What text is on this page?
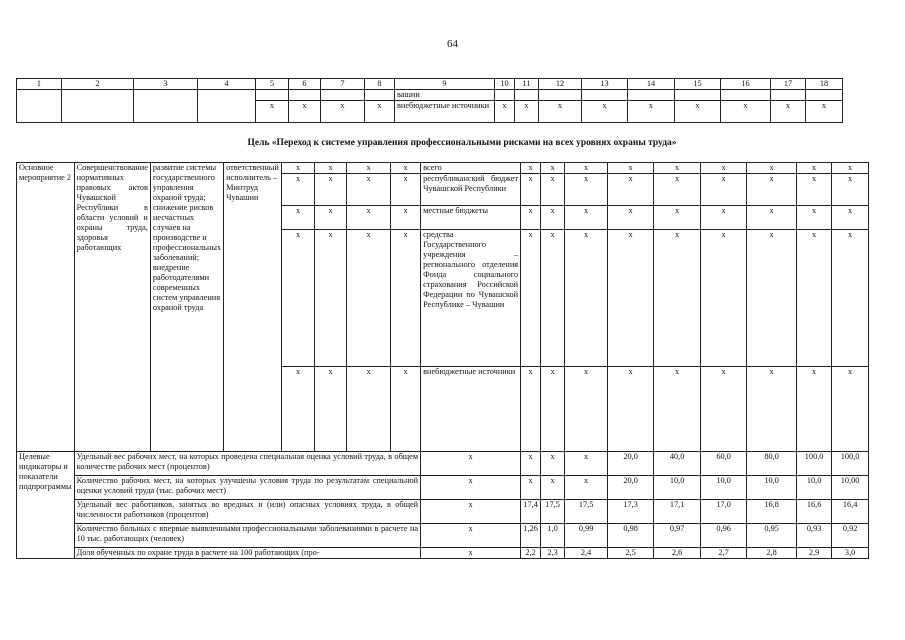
64
1	2	3	4	5	6	7	8	9	10	11	12	13	14	15	16	17	18
								вашии									
				x	x	x	x	внебюджетные источники	x	x	x	x	x	x	x	x	x
Цель «Переход к системе управления профессиональными рисками на всех уровнях охраны труда»
Основное мероприятие 2	Совершенствование нормативных правовых актов Чувашской Республики в области условий и охраны труда, здоровья работающих	развитие системы государственного управления охраной труда; снижение рисков несчастных случаев на производстве и профессиональных заболеваний; внедрение работодателями современных систем управления охраной труда	ответственный исполнитель – Минтруд Чувашии	x	x	x	x	всего	x	x	x	x	x	x	x	x	x
				x	x	x	x	республиканский бюджет Чувашской Республики	x	x	x	x	x	x	x	x	x
				x	x	x	x	местные бюджеты	x	x	x	x	x	x	x	x	x
				x	x	x	x	средства Государственного учреждения – регионального отделения Фонда социального страхования Российской Федерации по Чувашской Республике – Чувашии	x	x	x	x	x	x	x	x	x
				x	x	x	x	внебюджетные источники	x	x	x	x	x	x	x	x	x
Целевые индикаторы и показатели подпрограммы	Удельный вес рабочих мест, на которых проведена специальная оценка условий труда, в общем количестве рабочих мест (процентов)							x	x	x	x	20,0	40,0	60,0	80,0	100,0	100,0
	Количество рабочих мест, на которых улучшены условия труда по результатам специальной оценки условий труда (тыс. рабочих мест)							x	x	x	x	20,0	10,0	10,0	10,0	10,0	10,00
	Удельный вес работников, занятых во вредных и (или) опасных условиях труда, в общей численности работников (процентов)							x	17,4	17,5	17,5	17,3	17,1	17,0	16,8	16,6	16,4
	Количество больных с впервые выявленными профессиональными заболеваниями в расчете на 10 тыс. работающих (человек)							x	1,26	1,0	0,99	0,98	0,97	0,96	0,95	0,93	0,92
	Доля обученных по охране труда в расчете на 100 работающих (про-							x	2,2	2,3	2,4	2,5	2,6	2,7	2,8	2,9	3,0
